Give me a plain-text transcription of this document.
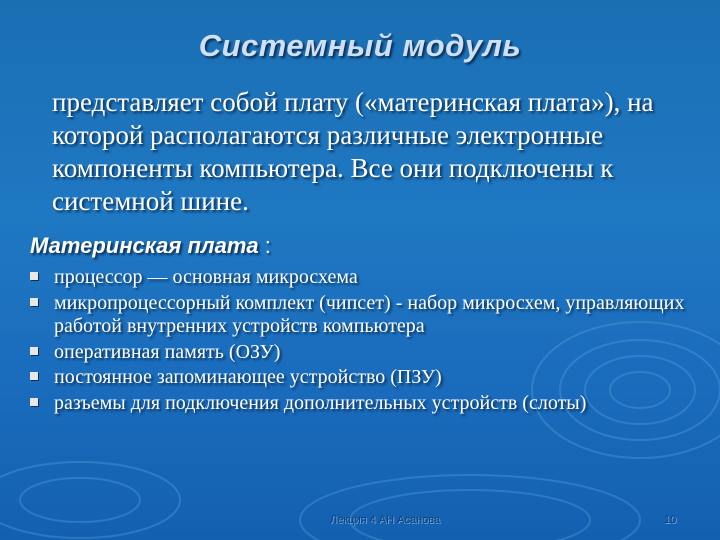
Системный модуль
представляет собой плату («материнская плата»), на которой располагаются различные электронные компоненты компьютера. Все они подключены к системной шине.
Материнская плата :
процессор — основная микросхема
микропроцессорный комплект (чипсет) - набор микросхем, управляющих работой внутренних устройств компьютера
оперативная память (ОЗУ)
постоянное запоминающее устройство (ПЗУ)
разъемы для подключения дополнительных устройств (слоты)
Лекция 4 АН Асанова	10
